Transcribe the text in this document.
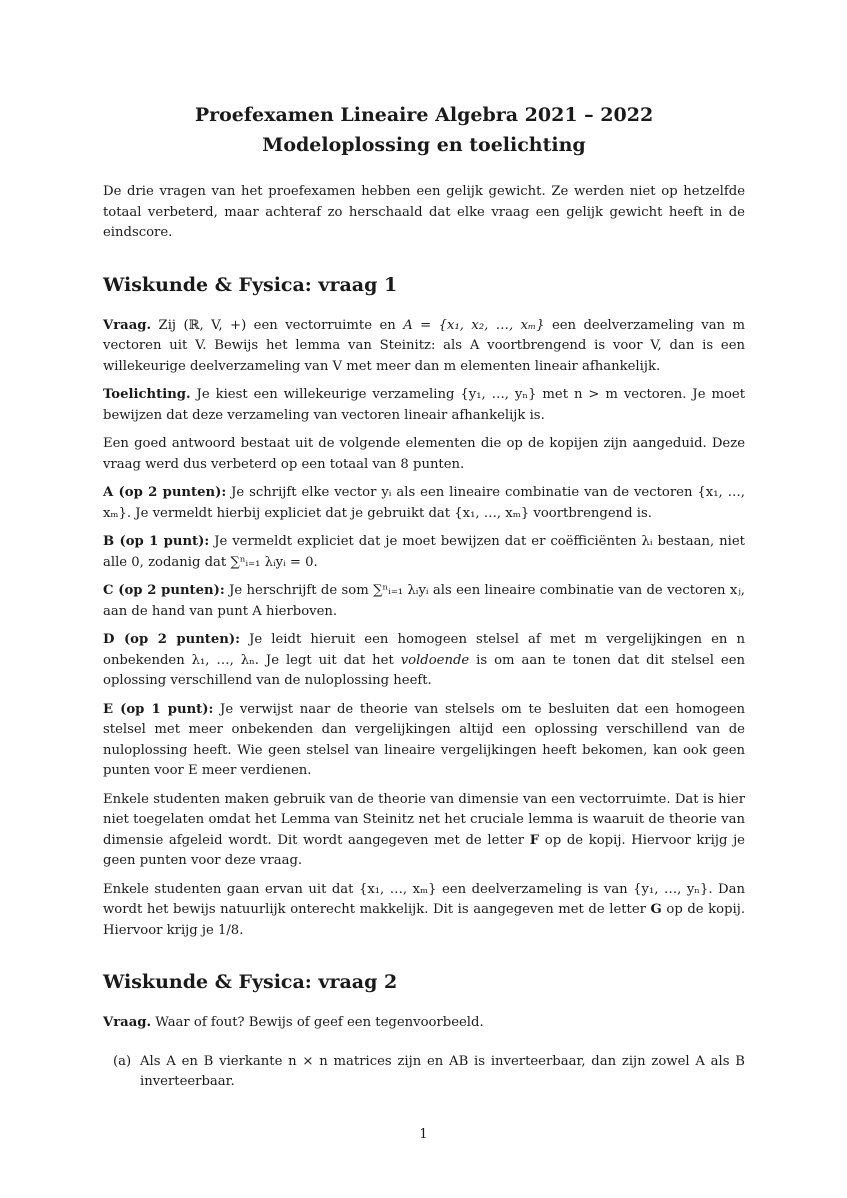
Proefexamen Lineaire Algebra 2021 – 2022
Modeloplossing en toelichting

De drie vragen van het proefexamen hebben een gelijk gewicht. Ze werden niet op hetzelfde totaal verbeterd, maar achteraf zo herschaald dat elke vraag een gelijk gewicht heeft in de eindscore.

Wiskunde & Fysica: vraag 1

Vraag. Zij (ℝ, V, +) een vectorruimte en A = {x₁, x₂, …, xₘ} een deelverzameling van m vectoren uit V. Bewijs het lemma van Steinitz: als A voortbrengend is voor V, dan is een willekeurige deelverzameling van V met meer dan m elementen lineair afhankelijk.

Toelichting. Je kiest een willekeurige verzameling {y₁, …, yₙ} met n > m vectoren. Je moet bewijzen dat deze verzameling van vectoren lineair afhankelijk is.

Een goed antwoord bestaat uit de volgende elementen die op de kopijen zijn aangeduid. Deze vraag werd dus verbeterd op een totaal van 8 punten.

A (op 2 punten): Je schrijft elke vector yᵢ als een lineaire combinatie van de vectoren {x₁, …, xₘ}. Je vermeldt hierbij expliciet dat je gebruikt dat {x₁, …, xₘ} voortbrengend is.

B (op 1 punt): Je vermeldt expliciet dat je moet bewijzen dat er coëfficiënten λᵢ bestaan, niet alle 0, zodanig dat ∑ⁿᵢ₌₁ λᵢyᵢ = 0.

C (op 2 punten): Je herschrijft de som ∑ⁿᵢ₌₁ λᵢyᵢ als een lineaire combinatie van de vectoren xⱼ, aan de hand van punt A hierboven.

D (op 2 punten): Je leidt hieruit een homogeen stelsel af met m vergelijkingen en n onbekenden λ₁, …, λₙ. Je legt uit dat het voldoende is om aan te tonen dat dit stelsel een oplossing verschillend van de nuloplossing heeft.

E (op 1 punt): Je verwijst naar de theorie van stelsels om te besluiten dat een homogeen stelsel met meer onbekenden dan vergelijkingen altijd een oplossing verschillend van de nuloplossing heeft. Wie geen stelsel van lineaire vergelijkingen heeft bekomen, kan ook geen punten voor E meer verdienen.

Enkele studenten maken gebruik van de theorie van dimensie van een vectorruimte. Dat is hier niet toegelaten omdat het Lemma van Steinitz net het cruciale lemma is waaruit de theorie van dimensie afgeleid wordt. Dit wordt aangegeven met de letter F op de kopij. Hiervoor krijg je geen punten voor deze vraag.

Enkele studenten gaan ervan uit dat {x₁, …, xₘ} een deelverzameling is van {y₁, …, yₙ}. Dan wordt het bewijs natuurlijk onterecht makkelijk. Dit is aangegeven met de letter G op de kopij. Hiervoor krijg je 1/8.

Wiskunde & Fysica: vraag 2

Vraag. Waar of fout? Bewijs of geef een tegenvoorbeeld.

(a) Als A en B vierkante n × n matrices zijn en AB is inverteerbaar, dan zijn zowel A als B inverteerbaar.
1
